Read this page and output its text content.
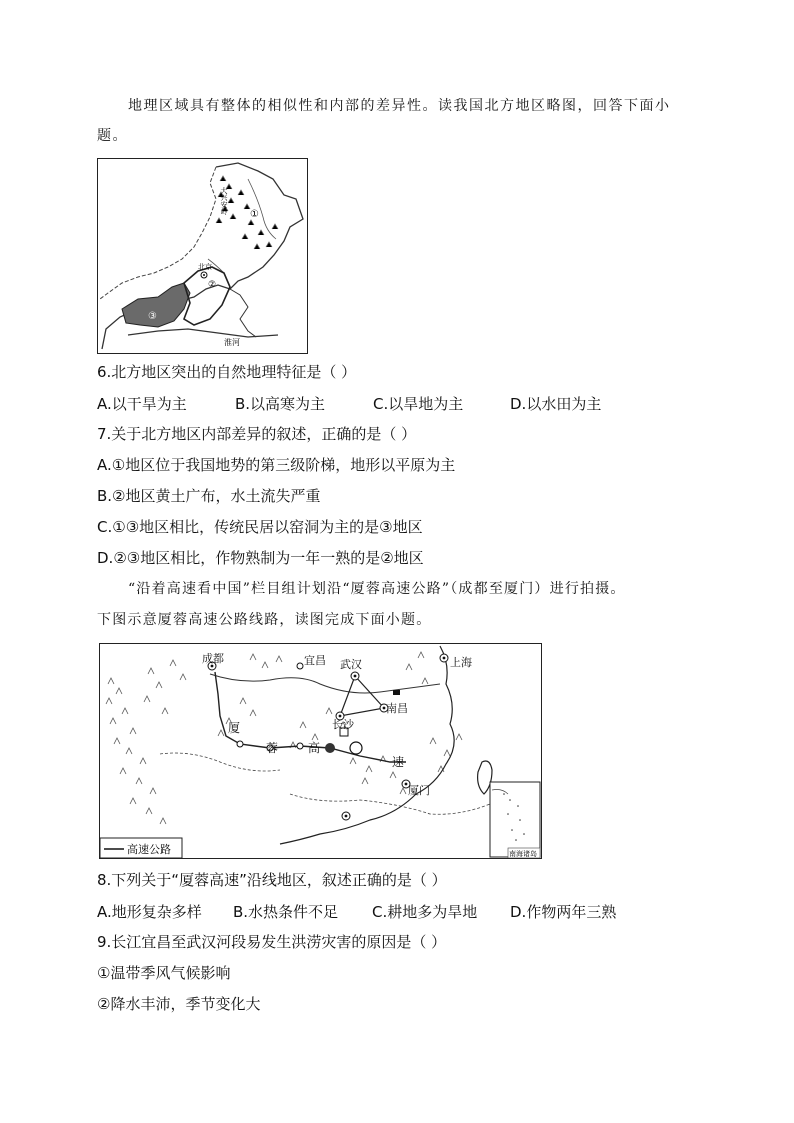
地理区域具有整体的相似性和内部的差异性。读我国北方地区略图，回答下面小
题。
大兴安岭 ①
②
③
北京
淮河
6.北方地区突出的自然地理特征是（ ）
A.以干旱为主	B.以高寒为主	C.以旱地为主	D.以水田为主
7.关于北方地区内部差异的叙述，正确的是（ ）
A.①地区位于我国地势的第三级阶梯，地形以平原为主
B.②地区黄土广布，水土流失严重
C.①③地区相比，传统民居以窑洞为主的是③地区
D.②③地区相比，作物熟制为一年一熟的是②地区
“沿着高速看中国”栏目组计划沿“厦蓉高速公路”（成都至厦门）进行拍摄。
下图示意厦蓉高速公路线路，读图完成下面小题。
成都	宜昌 武汉	上海
南昌
长沙
厦门
厦
蓉 高
速
南海诸岛
高速公路
8.下列关于“厦蓉高速”沿线地区，叙述正确的是（ ）
A.地形复杂多样 B.水热条件不足 C.耕地多为旱地 D.作物两年三熟
9.长江宜昌至武汉河段易发生洪涝灾害的原因是（ ）
①温带季风气候影响
②降水丰沛，季节变化大
